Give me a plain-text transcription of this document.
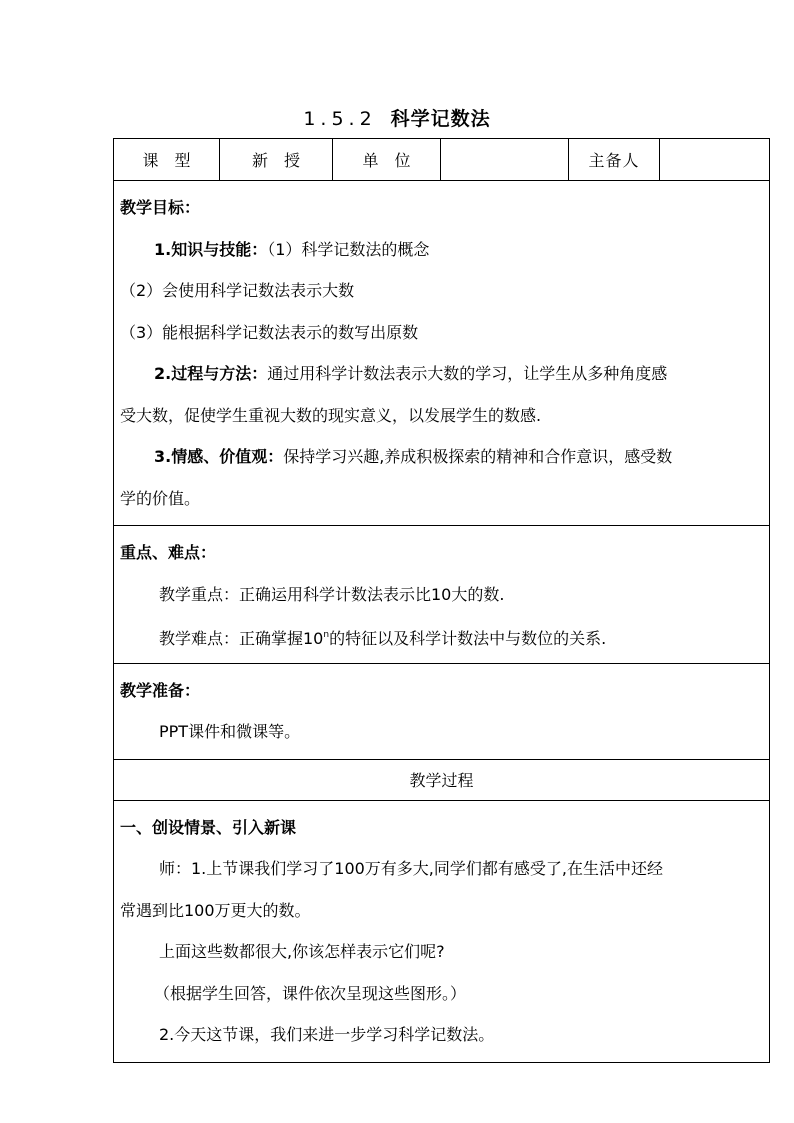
1.5.2 科学记数法
课型	新授	单位		主备人	

教学目标：
1.知识与技能：（1）科学记数法的概念
（2）会使用科学记数法表示大数
（3）能根据科学记数法表示的数写出原数
2.过程与方法：通过用科学计数法表示大数的学习，让学生从多种角度感
受大数，促使学生重视大数的现实意义，以发展学生的数感.
3.情感、价值观：保持学习兴趣,养成积极探索的精神和合作意识，感受数
学的价值。

重点、难点：
教学重点：正确运用科学计数法表示比10大的数.
教学难点：正确掌握10$^n$的特征以及科学计数法中与数位的关系.

教学准备：
PPT课件和微课等。

教学过程

一、创设情景、引入新课
师：1.上节课我们学习了100万有多大,同学们都有感受了,在生活中还经
常遇到比100万更大的数。
上面这些数都很大,你该怎样表示它们呢?
（根据学生回答，课件依次呈现这些图形。）
2.今天这节课，我们来进一步学习科学记数法。
